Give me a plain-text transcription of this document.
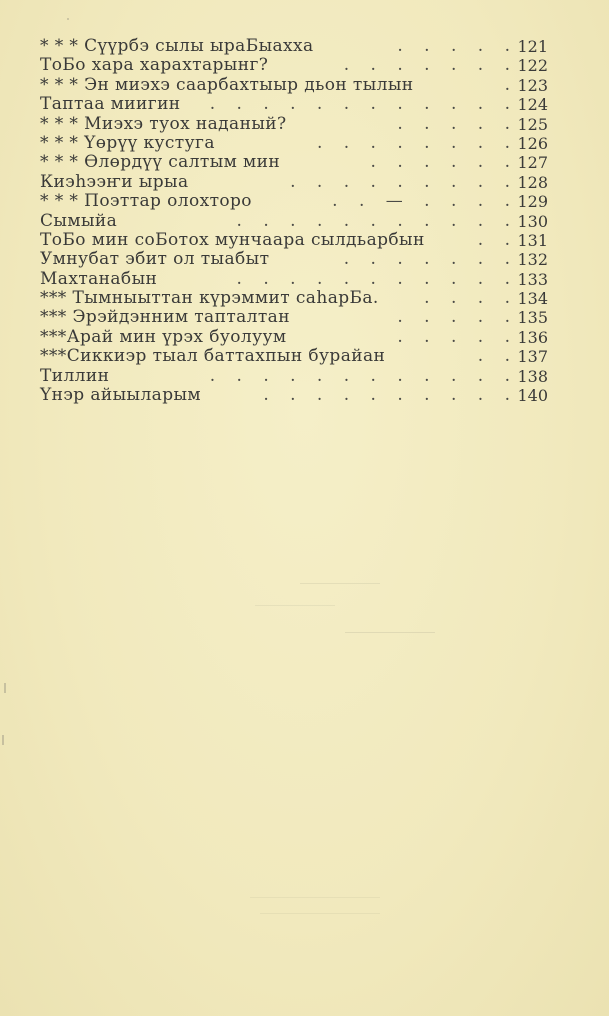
* * * Сүүрбэ сылы ыраБыаххa	. . . . . 121
ТоБо хара харахтарынг?	. . . . . . . 122
* * * Эн миэхэ саарбахтыыр дьон тылын	. 123
Таптаа миигин . . . . . . . . . . . . 124
* * * Миэхэ туох наданый?	. . . . . 125
* * * Үөрүү кустуга	. . . . . . . . 126
* * * Өлөрдүү салтым мин	. . . . . . 127
Киэһээҥи ырыа	. . . . . . . . . 128
* * * Поэттар олохторо	. . — . . . . 129
Сымыйа	. . . . . . . . . . . 130
ТоБо мин соБотох мунчаара сылдьарбын	. . 131
Умнубат эбит ол тыабыт	. . . . . . . 132
Махтанабын	. . . . . . . . . . . 133
*** Тымныыттан күрэммит саһарБа.	. . . . 134
*** Эрэйдэнним тапталтан	. . . . . 135
***Арай мин үрэх буолуум	. . . . . 136
***Сиккиэр тыал баттахпын бурайан	. . 137
Тиллин	. . . . . . . . . . . . 138
Үнэр айыыларым	. . . . . . . . . . 140
